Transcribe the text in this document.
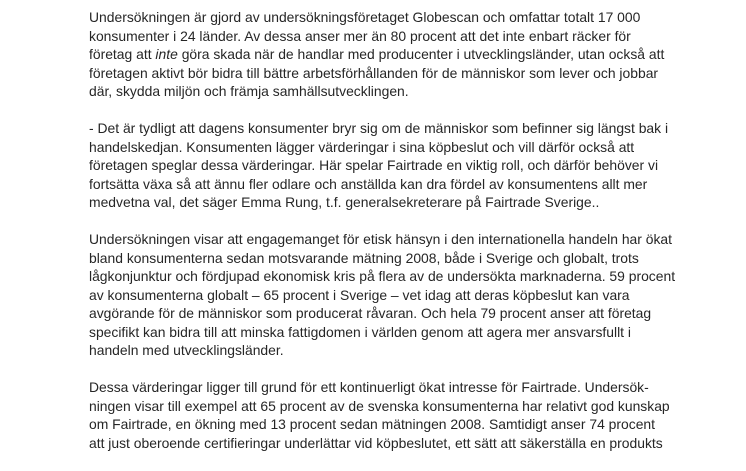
Undersökningen är gjord av undersökningsföretaget Globescan och omfattar totalt 17 000
konsumenter i 24 länder. Av dessa anser mer än 80 procent att det inte enbart räcker för
företag att inte göra skada när de handlar med producenter i utvecklingsländer, utan också att
företagen aktivt bör bidra till bättre arbetsförhållanden för de människor som lever och jobbar
där, skydda miljön och främja samhällsutvecklingen.

- Det är tydligt att dagens konsumenter bryr sig om de människor som befinner sig längst bak i
handelskedjan. Konsumenten lägger värderingar i sina köpbeslut och vill därför också att
företagen speglar dessa värderingar. Här spelar Fairtrade en viktig roll, och därför behöver vi
fortsätta växa så att ännu fler odlare och anställda kan dra fördel av konsumentens allt mer
medvetna val, det säger Emma Rung, t.f. generalsekreterare på Fairtrade Sverige..

Undersökningen visar att engagemanget för etisk hänsyn i den internationella handeln har ökat
bland konsumenterna sedan motsvarande mätning 2008, både i Sverige och globalt, trots
lågkonjunktur och fördjupad ekonomisk kris på flera av de undersökta marknaderna. 59 procent
av konsumenterna globalt – 65 procent i Sverige – vet idag att deras köpbeslut kan vara
avgörande för de människor som producerat råvaran. Och hela 79 procent anser att företag
specifikt kan bidra till att minska fattigdomen i världen genom att agera mer ansvarsfullt i
handeln med utvecklingsländer.

Dessa värderingar ligger till grund för ett kontinuerligt ökat intresse för Fairtrade. Undersök-
ningen visar till exempel att 65 procent av de svenska konsumenterna har relativt god kunskap
om Fairtrade, en ökning med 13 procent sedan mätningen 2008. Samtidigt anser 74 procent
att just oberoende certifieringar underlättar vid köpbeslutet, ett sätt att säkerställa en produkts
